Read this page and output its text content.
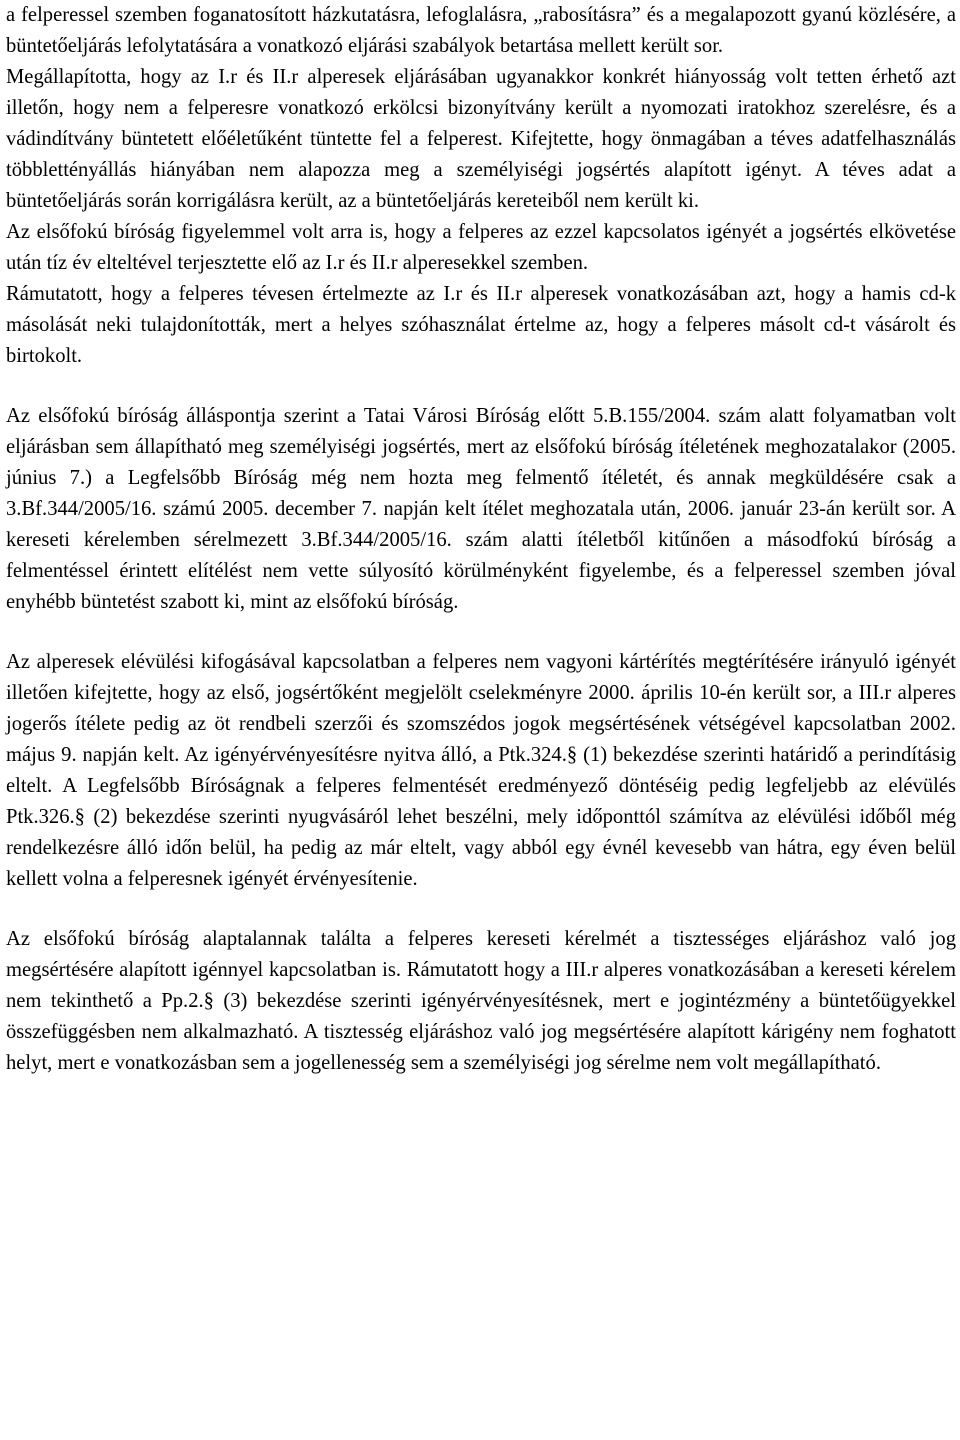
a felperessel szemben foganatosított házkutatásra, lefoglalásra, „rabosításra” és a megalapozott gyanú közlésére, a büntetőeljárás lefolytatására a vonatkozó eljárási szabályok betartása mellett került sor.

Megállapította, hogy az I.r és II.r alperesek eljárásában ugyanakkor konkrét hiányosság volt tetten érhető azt illetőn, hogy nem a felperesre vonatkozó erkölcsi bizonyítvány került a nyomozati iratokhoz szerelésre, és a vádindítvány büntetett előéletűként tüntette fel a felperest. Kifejtette, hogy önmagában a téves adatfelhasználás többlettényállás hiányában nem alapozza meg a személyiségi jogsértés alapított igényt. A téves adat a büntetőeljárás során korrigálásra került, az a büntetőeljárás kereteiből nem került ki.

Az elsőfokú bíróság figyelemmel volt arra is, hogy a felperes az ezzel kapcsolatos igényét a jogsértés elkövetése után tíz év elteltével terjesztette elő az I.r és II.r alperesekkel szemben.

Rámutatott, hogy a felperes tévesen értelmezte az I.r és II.r alperesek vonatkozásában azt, hogy a hamis cd-k másolását neki tulajdonították, mert a helyes szóhasználat értelme az, hogy a felperes másolt cd-t vásárolt és birtokolt.

Az elsőfokú bíróság álláspontja szerint a Tatai Városi Bíróság előtt 5.B.155/2004. szám alatt folyamatban volt eljárásban sem állapítható meg személyiségi jogsértés, mert az elsőfokú bíróság ítéletének meghozatalakor (2005. június 7.) a Legfelsőbb Bíróság még nem hozta meg felmentő ítéletét, és annak megküldésére csak a 3.Bf.344/2005/16. számú 2005. december 7. napján kelt ítélet meghozatala után, 2006. január 23-án került sor. A kereseti kérelemben sérelmezett 3.Bf.344/2005/16. szám alatti ítéletből kitűnően a másodfokú bíróság a felmentéssel érintett elítélést nem vette súlyosító körülményként figyelembe, és a felperessel szemben jóval enyhébb büntetést szabott ki, mint az elsőfokú bíróság.

Az alperesek elévülési kifogásával kapcsolatban a felperes nem vagyoni kártérítés megtérítésére irányuló igényét illetően kifejtette, hogy az első, jogsértőként megjelölt cselekményre 2000. április 10-én került sor, a III.r alperes jogerős ítélete pedig az öt rendbeli szerzői és szomszédos jogok megsértésének vétségével kapcsolatban 2002. május 9. napján kelt. Az igényérvényesítésre nyitva álló, a Ptk.324.§ (1) bekezdése szerinti határidő a perindításig eltelt. A Legfelsőbb Bíróságnak a felperes felmentését eredményező döntéséig pedig legfeljebb az elévülés Ptk.326.§ (2) bekezdése szerinti nyugvásáról lehet beszélni, mely időponttól számítva az elévülési időből még rendelkezésre álló időn belül, ha pedig az már eltelt, vagy abból egy évnél kevesebb van hátra, egy éven belül kellett volna a felperesnek igényét érvényesítenie.

Az elsőfokú bíróság alaptalannak találta a felperes kereseti kérelmét a tisztességes eljáráshoz való jog megsértésére alapított igénnyel kapcsolatban is. Rámutatott hogy a III.r alperes vonatkozásában a kereseti kérelem nem tekinthető a Pp.2.§ (3) bekezdése szerinti igényérvényesítésnek, mert e jogintézmény a büntetőügyekkel összefüggésben nem alkalmazható. A tisztesség eljáráshoz való jog megsértésére alapított kárigény nem foghatott helyt, mert e vonatkozásban sem a jogellenesség sem a személyiségi jog sérelme nem volt megállapítható.
